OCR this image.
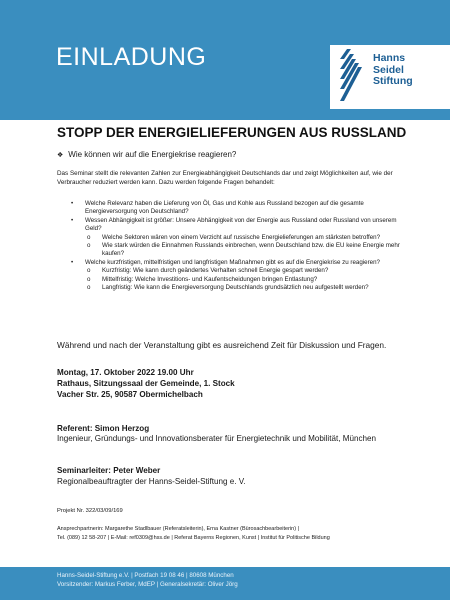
EINLADUNG	Hanns
Seidel
Stiftung
STOPP DER ENERGIELIEFERUNGEN AUS RUSSLAND
❖ Wie können wir auf die Energiekrise reagieren?
Das Seminar stellt die relevanten Zahlen zur Energieabhängigkeit Deutschlands dar und zeigt Möglichkeiten auf, wie der Verbraucher reduziert werden kann. Dazu werden folgende Fragen behandelt:
• Welche Relevanz haben die Lieferung von Öl, Gas und Kohle aus Russland bezogen auf die gesamte Energieversorgung von Deutschland?
• Wessen Abhängigkeit ist größer: Unsere Abhängigkeit von der Energie aus Russland oder Russland von unserem Geld?
o Welche Sektoren wären von einem Verzicht auf russische Energielieferungen am stärksten betroffen?
o Wie stark würden die Einnahmen Russlands einbrechen, wenn Deutschland bzw. die EU keine Energie mehr kaufen?
• Welche kurzfristigen, mittelfristigen und langfristigen Maßnahmen gibt es auf die Energiekrise zu reagieren?
o Kurzfristig: Wie kann durch geändertes Verhalten schnell Energie gespart werden?
o Mittelfristig: Welche Investitions- und Kaufentscheidungen bringen Entlastung?
o Langfristig: Wie kann die Energieversorgung Deutschlands grundsätzlich neu aufgestellt werden?
Während und nach der Veranstaltung gibt es ausreichend Zeit für Diskussion und Fragen.
Montag, 17. Oktober 2022 19.00 Uhr
Rathaus, Sitzungssaal der Gemeinde, 1. Stock
Vacher Str. 25, 90587 Obermichelbach
Referent: Simon Herzog
Ingenieur, Gründungs- und Innovationsberater für Energietechnik und Mobilität, München
Seminarleiter: Peter Weber
Regionalbeauftragter der Hanns-Seidel-Stiftung e. V.
Projekt Nr. 322/03/09/169
Ansprechpartnerin: Margarethe Stadlbauer (Referatsleiterin), Erna Kastner (Bürosachbearbeiterin) |
Tel. (089) 12 58-207 | E-Mail: ref0309@hss.de | Referat Bayerns Regionen, Kunst | Institut für Politische Bildung
Hanns-Seidel-Stiftung e.V. | Postfach 19 08 46 | 80608 München
Vorsitzender: Markus Ferber, MdEP | Generalsekretär: Oliver Jörg
